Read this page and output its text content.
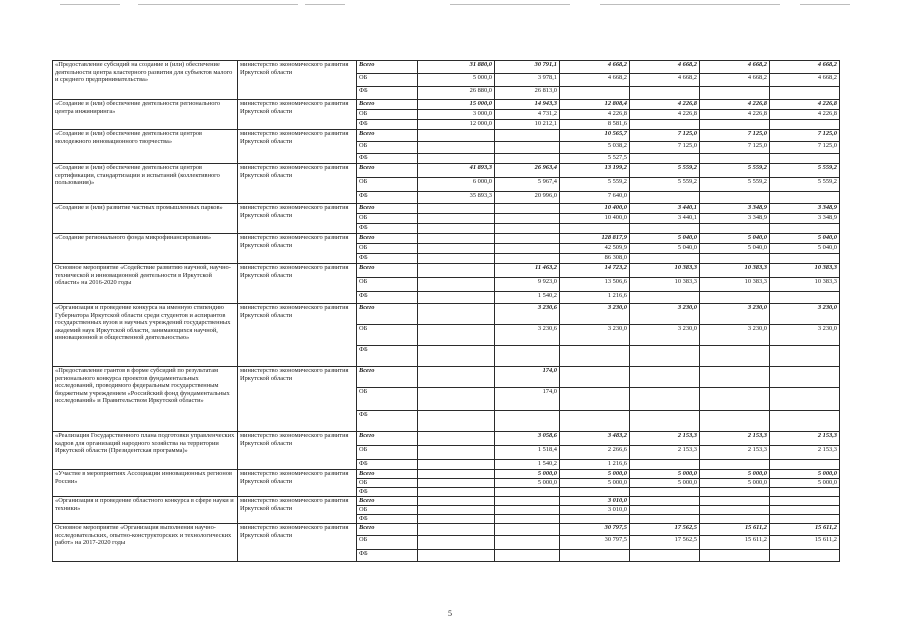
«Предоставление субсидий на создание и (или) обеспечение деятельности центра кластерного развития для субъектов малого и среднего предпринимательства»	министерство экономического развития Иркутской области	Всего	31 880,0	30 791,1	4 668,2	4 668,2	4 668,2	4 668,2
		ОБ	5 000,0	3 978,1	4 668,2	4 668,2	4 668,2	4 668,2
		ФБ	26 880,0	26 813,0				
«Создание и (или) обеспечение деятельности регионального центра инжиниринга»	министерство экономического развития Иркутской области	Всего	15 000,0	14 943,3	12 808,4	4 226,8	4 226,8	4 226,8
		ОБ	3 000,0	4 731,2	4 226,8	4 226,8	4 226,8	4 226,8
		ФБ	12 000,0	10 212,1	8 581,6			
«Создание и (или) обеспечение деятельности центров молодежного инновационного творчества»	министерство экономического развития Иркутской области	Всего			10 565,7	7 125,0	7 125,0	7 125,0
		ОБ			5 038,2	7 125,0	7 125,0	7 125,0
		ФБ			5 527,5			
«Создание и (или) обеспечение деятельности центров сертификации, стандартизации и испытаний (коллективного пользования)»	министерство экономического развития Иркутской области	Всего	41 893,3	26 963,4	13 199,2	5 559,2	5 559,2	5 559,2
		ОБ	6 000,0	5 967,4	5 559,2	5 559,2	5 559,2	5 559,2
		ФБ	35 893,3	20 996,0	7 640,0			
«Создание и (или) развитие частных промышленных парков»	министерство экономического развития Иркутской области	Всего			10 400,0	3 440,1	3 348,9	3 348,9
		ОБ			10 400,0	3 440,1	3 348,9	3 348,9
		ФБ						
«Создание регионального фонда микрофинансирования»	министерство экономического развития Иркутской области	Всего			128 817,9	5 040,0	5 040,0	5 040,0
		ОБ			42 509,9	5 040,0	5 040,0	5 040,0
		ФБ			86 308,0			
Основное мероприятие «Содействие развитию научной, научно-технической и инновационной деятельности в Иркутской области» на 2016-2020 годы	министерство экономического развития Иркутской области	Всего		11 463,2	14 723,2	10 383,3	10 383,3	10 383,3
		ОБ		9 923,0	13 506,6	10 383,3	10 383,3	10 383,3
		ФБ		1 540,2	1 216,6			
«Организация и проведение конкурса на именную стипендию Губернатора Иркутской области среди студентов и аспирантов государственных вузов и научных учреждений государственных академий наук Иркутской области, занимающихся научной, инновационной и общественной деятельностью»	министерство экономического развития Иркутской области	Всего		3 230,6	3 230,0	3 230,0	3 230,0	3 230,0
		ОБ		3 230,6	3 230,0	3 230,0	3 230,0	3 230,0
		ФБ						
«Предоставление грантов в форме субсидий по результатам регионального конкурса проектов фундаментальных исследований, проводимого федеральным государственным бюджетным учреждением «Российский фонд фундаментальных исследований» и Правительством Иркутской области»	министерство экономического развития Иркутской области	Всего		174,0				
		ОБ		174,0				
		ФБ						
«Реализация Государственного плана подготовки управленческих кадров для организаций народного хозяйства на территории Иркутской области (Президентская программа)»	министерство экономического развития Иркутской области	Всего		3 058,6	3 483,2	2 153,3	2 153,3	2 153,3
		ОБ		1 518,4	2 266,6	2 153,3	2 153,3	2 153,3
		ФБ		1 540,2	1 216,6			
«Участие в мероприятиях Ассоциации инновационных регионов России»	министерство экономического развития Иркутской области	Всего		5 000,0	5 000,0	5 000,0	5 000,0	5 000,0
		ОБ		5 000,0	5 000,0	5 000,0	5 000,0	5 000,0
		ФБ						
«Организация и проведение областного конкурса в сфере науки и техники»	министерство экономического развития Иркутской области	Всего			3 010,0			
		ОБ			3 010,0			
		ФБ						
Основное мероприятие «Организация выполнения научно-исследовательских, опытно-конструкторских и технологических работ» на 2017-2020 годы	министерство экономического развития Иркутской области	Всего			30 797,5	17 562,5	15 611,2	15 611,2
		ОБ			30 797,5	17 562,5	15 611,2	15 611,2
		ФБ						
5
